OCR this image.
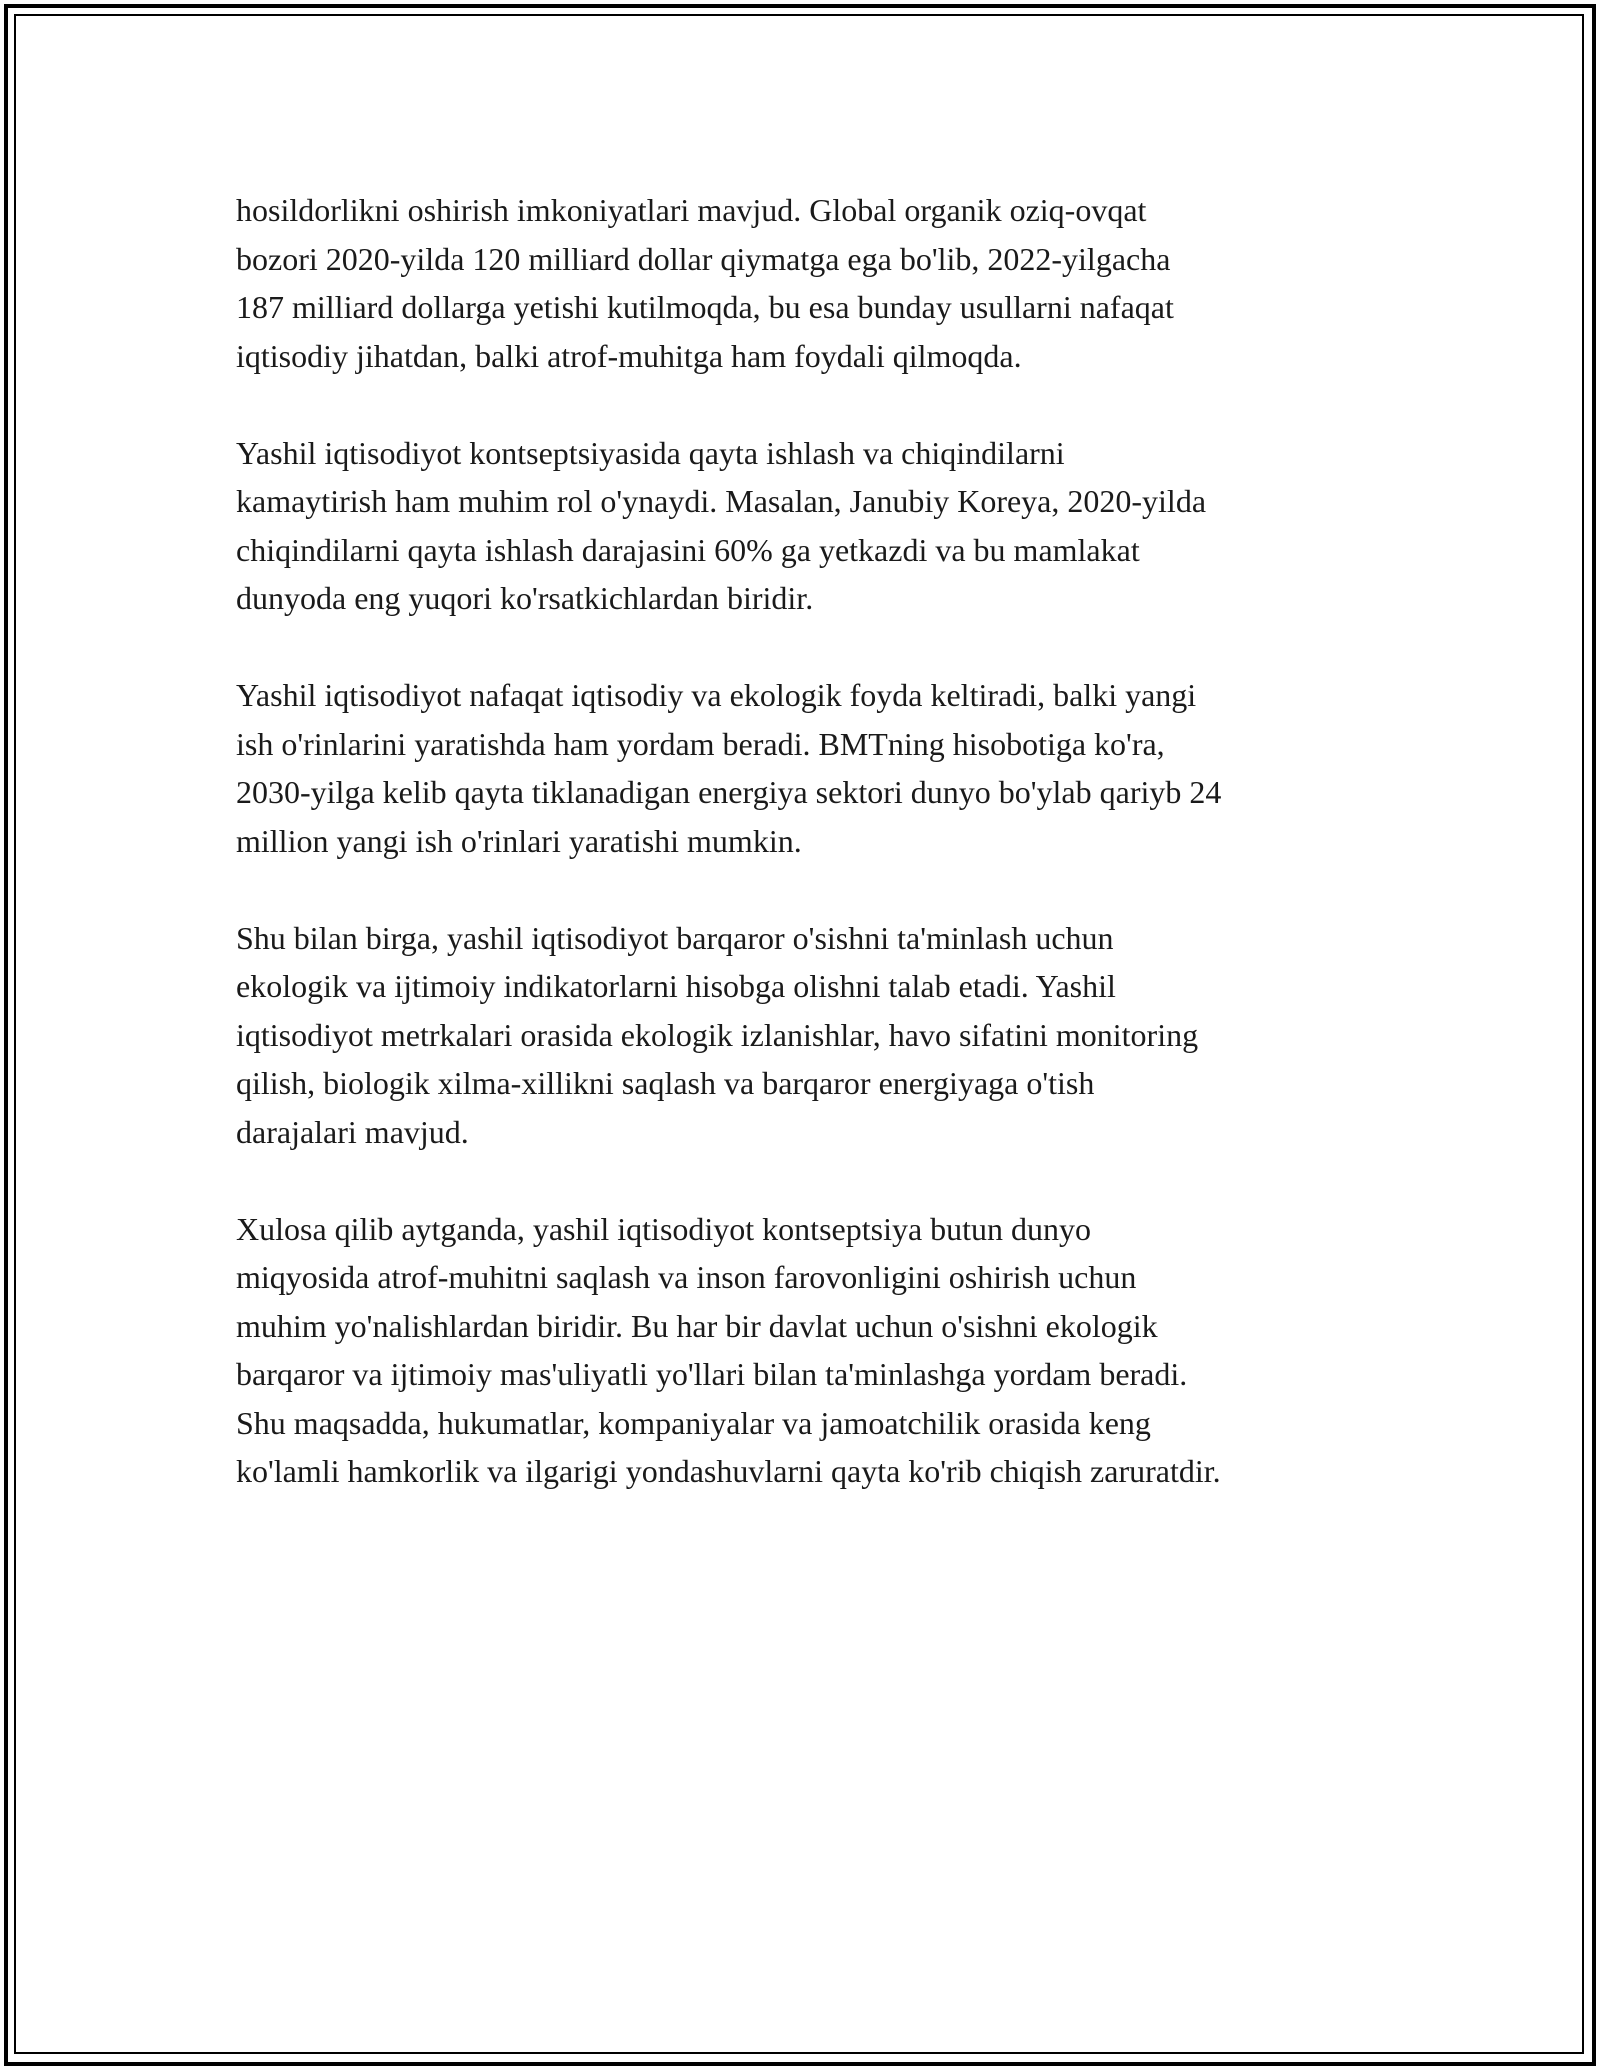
hosildorlikni oshirish imkoniyatlari mavjud. Global organik oziq-ovqat
bozori 2020-yilda 120 milliard dollar qiymatga ega bo'lib, 2022-yilgacha
187 milliard dollarga yetishi kutilmoqda, bu esa bunday usullarni nafaqat
iqtisodiy jihatdan, balki atrof-muhitga ham foydali qilmoqda.

Yashil iqtisodiyot kontseptsiyasida qayta ishlash va chiqindilarni
kamaytirish ham muhim rol o'ynaydi. Masalan, Janubiy Koreya, 2020-yilda
chiqindilarni qayta ishlash darajasini 60% ga yetkazdi va bu mamlakat
dunyoda eng yuqori ko'rsatkichlardan biridir.

Yashil iqtisodiyot nafaqat iqtisodiy va ekologik foyda keltiradi, balki yangi
ish o'rinlarini yaratishda ham yordam beradi. BMTning hisobotiga ko'ra,
2030-yilga kelib qayta tiklanadigan energiya sektori dunyo bo'ylab qariyb 24
million yangi ish o'rinlari yaratishi mumkin.

Shu bilan birga, yashil iqtisodiyot barqaror o'sishni ta'minlash uchun
ekologik va ijtimoiy indikatorlarni hisobga olishni talab etadi. Yashil
iqtisodiyot metrkalari orasida ekologik izlanishlar, havo sifatini monitoring
qilish, biologik xilma-xillikni saqlash va barqaror energiyaga o'tish
darajalari mavjud.

Xulosa qilib aytganda, yashil iqtisodiyot kontseptsiya butun dunyo
miqyosida atrof-muhitni saqlash va inson farovonligini oshirish uchun
muhim yo'nalishlardan biridir. Bu har bir davlat uchun o'sishni ekologik
barqaror va ijtimoiy mas'uliyatli yo'llari bilan ta'minlashga yordam beradi.
Shu maqsadda, hukumatlar, kompaniyalar va jamoatchilik orasida keng
ko'lamli hamkorlik va ilgarigi yondashuvlarni qayta ko'rib chiqish zaruratdir.
